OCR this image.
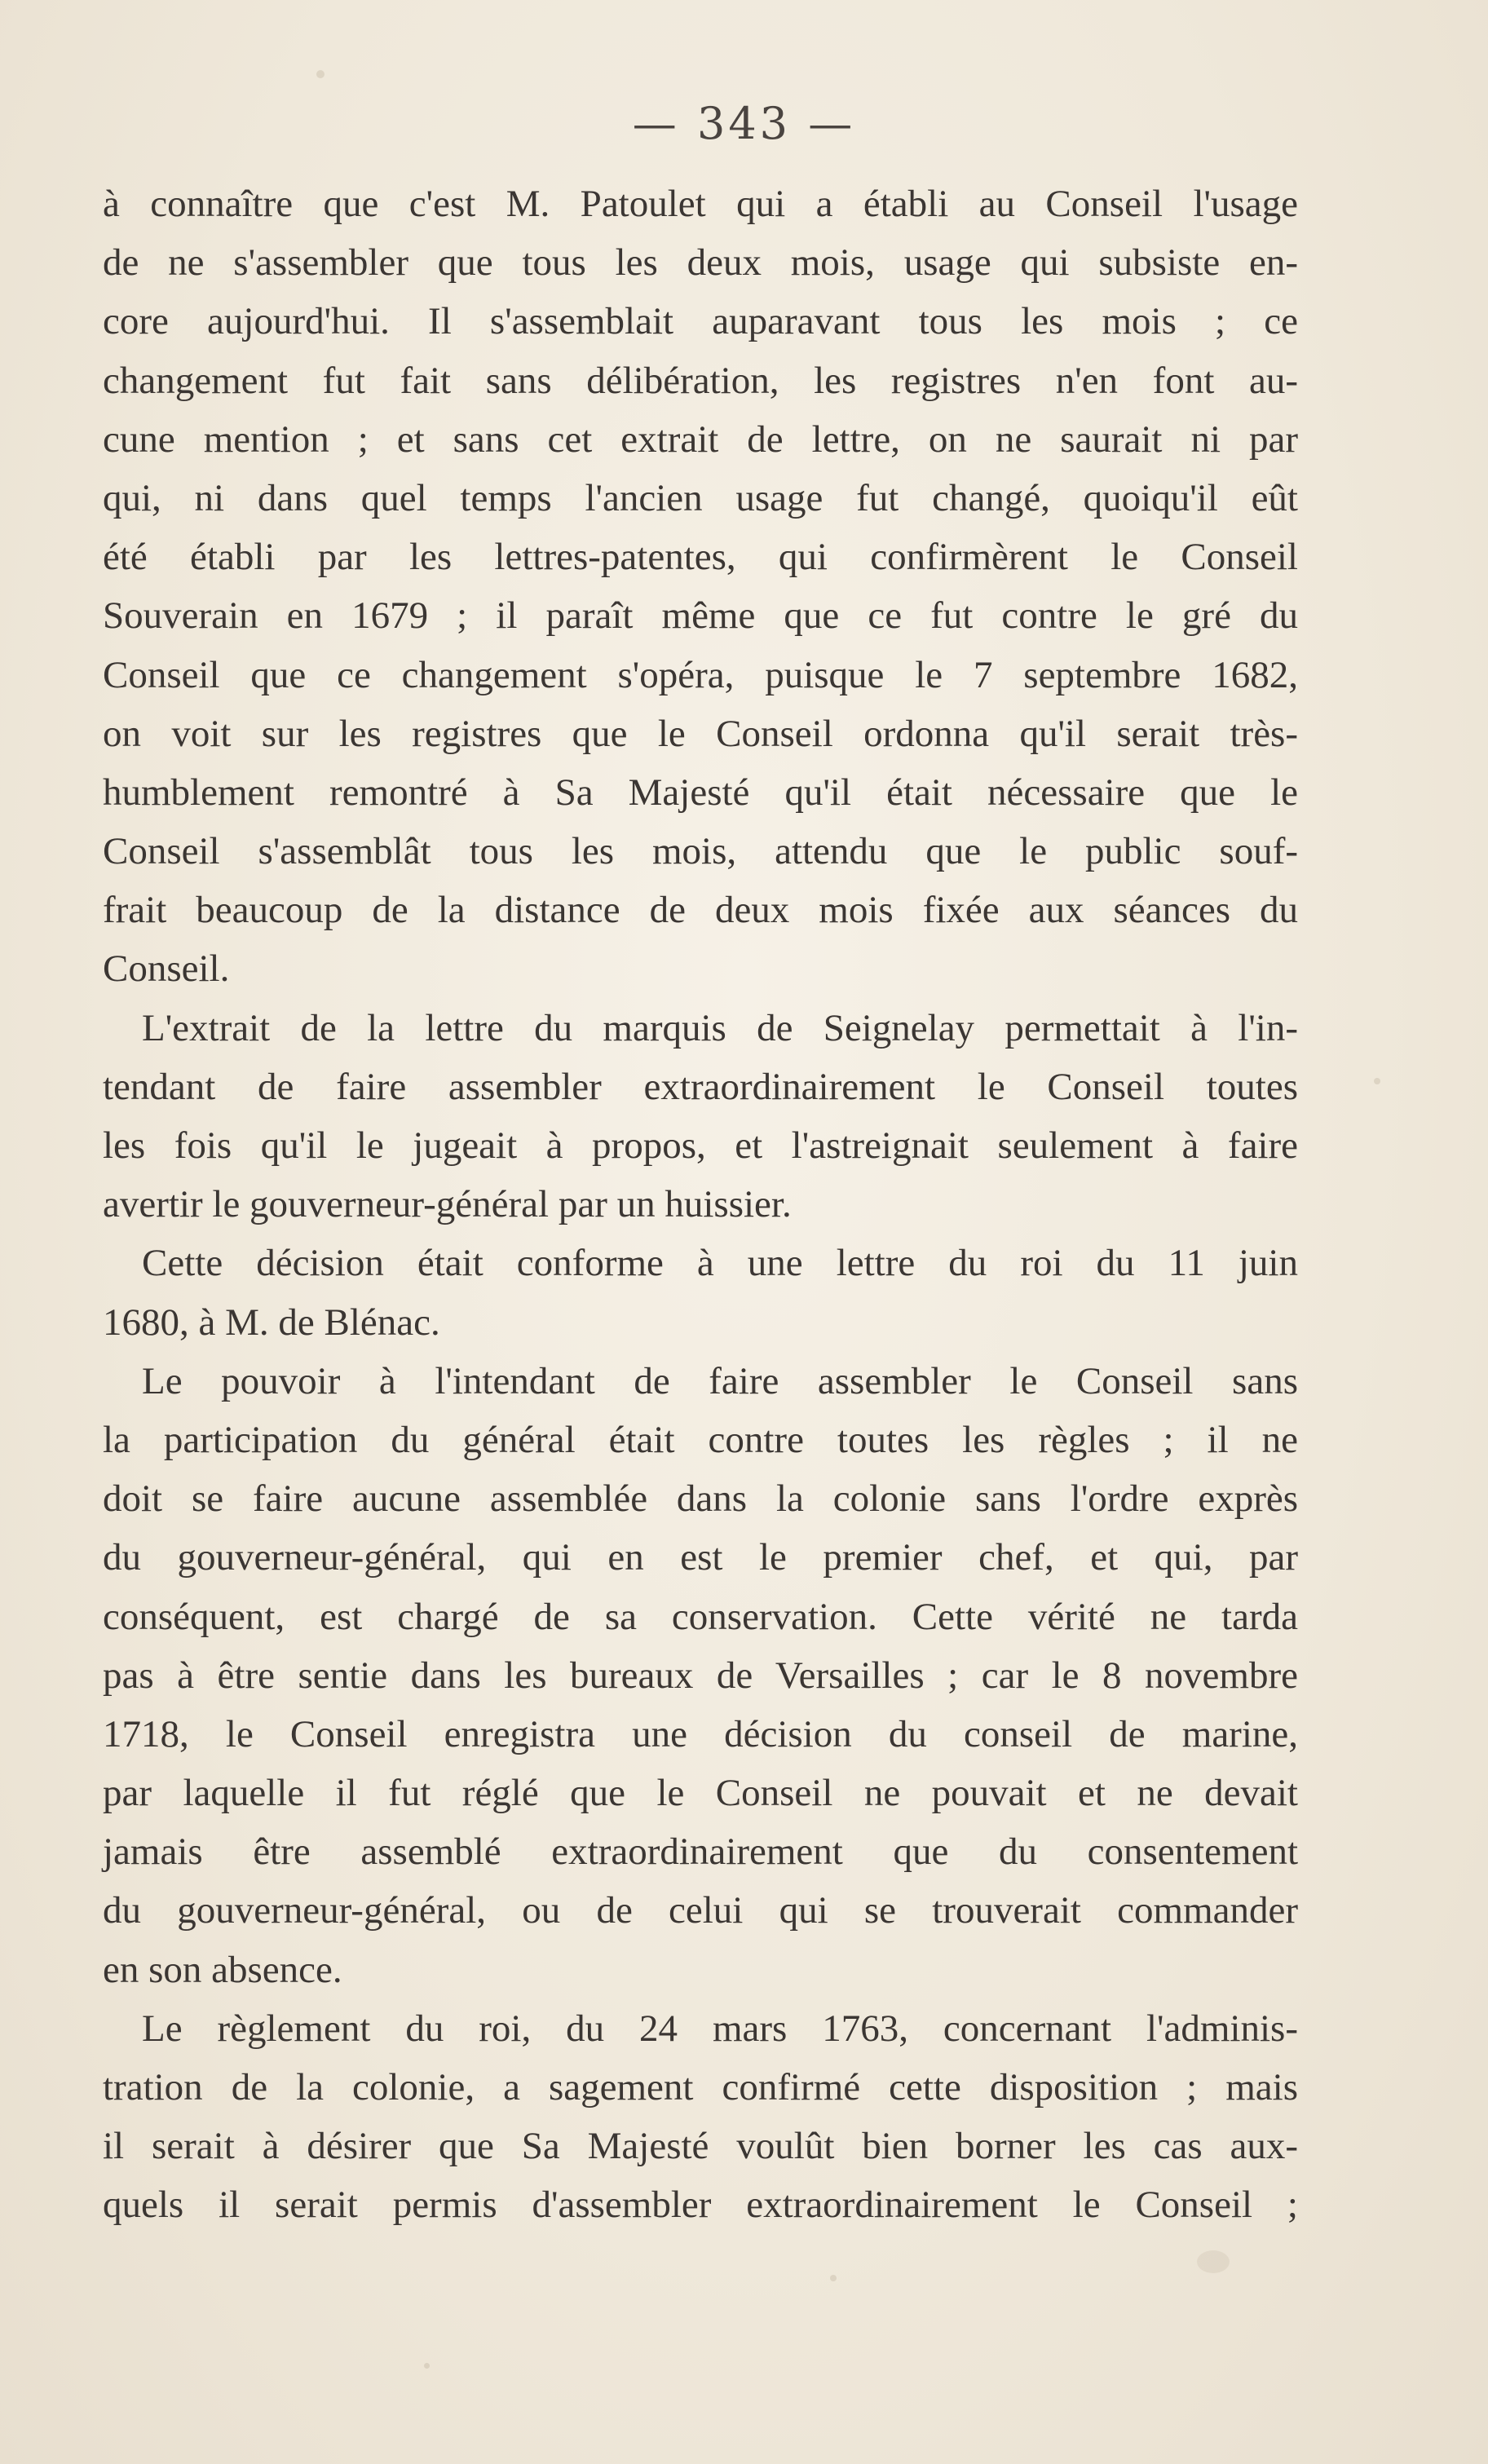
— 343 —
à connaître que c'est M. Patoulet qui a établi au Conseil l'usage
de ne s'assembler que tous les deux mois, usage qui subsiste en-
core aujourd'hui. Il s'assemblait auparavant tous les mois ; ce
changement fut fait sans délibération, les registres n'en font au-
cune mention ; et sans cet extrait de lettre, on ne saurait ni par
qui, ni dans quel temps l'ancien usage fut changé, quoiqu'il eût
été établi par les lettres-patentes, qui confirmèrent le Conseil
Souverain en 1679 ; il paraît même que ce fut contre le gré du
Conseil que ce changement s'opéra, puisque le 7 septembre 1682,
on voit sur les registres que le Conseil ordonna qu'il serait très-
humblement remontré à Sa Majesté qu'il était nécessaire que le
Conseil s'assemblât tous les mois, attendu que le public souf-
frait beaucoup de la distance de deux mois fixée aux séances du
Conseil.
L'extrait de la lettre du marquis de Seignelay permettait à l'in-
tendant de faire assembler extraordinairement le Conseil toutes
les fois qu'il le jugeait à propos, et l'astreignait seulement à faire
avertir le gouverneur-général par un huissier.
Cette décision était conforme à une lettre du roi du 11 juin
1680, à M. de Blénac.
Le pouvoir à l'intendant de faire assembler le Conseil sans
la participation du général était contre toutes les règles ; il ne
doit se faire aucune assemblée dans la colonie sans l'ordre exprès
du gouverneur-général, qui en est le premier chef, et qui, par
conséquent, est chargé de sa conservation. Cette vérité ne tarda
pas à être sentie dans les bureaux de Versailles ; car le 8 novembre
1718, le Conseil enregistra une décision du conseil de marine,
par laquelle il fut réglé que le Conseil ne pouvait et ne devait
jamais être assemblé extraordinairement que du consentement
du gouverneur-général, ou de celui qui se trouverait commander
en son absence.
Le règlement du roi, du 24 mars 1763, concernant l'adminis-
tration de la colonie, a sagement confirmé cette disposition ; mais
il serait à désirer que Sa Majesté voulût bien borner les cas aux-
quels il serait permis d'assembler extraordinairement le Conseil ;
